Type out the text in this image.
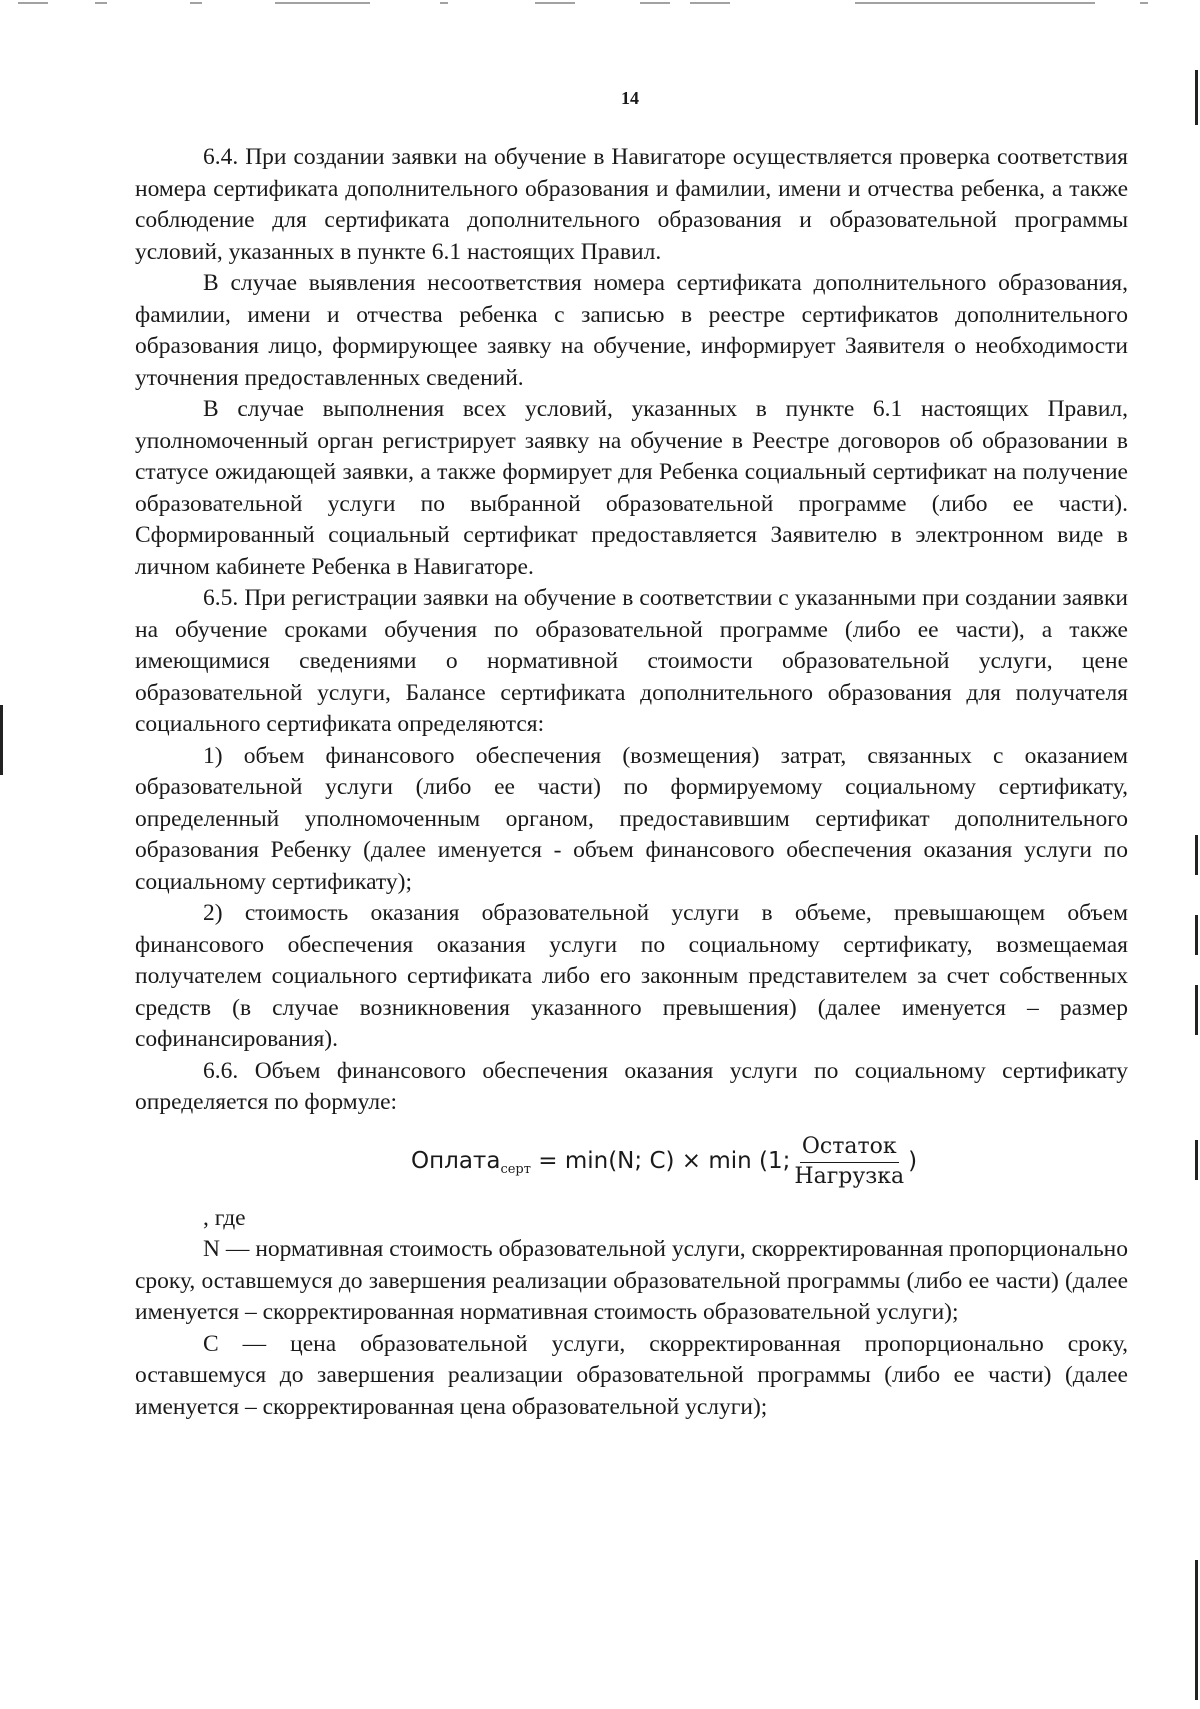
14

6.4. При создании заявки на обучение в Навигаторе осуществляется проверка соответствия номера сертификата дополнительного образования и фамилии, имени и отчества ребенка, а также соблюдение для сертификата дополнительного образования и образовательной программы условий, указанных в пункте 6.1 настоящих Правил.

В случае выявления несоответствия номера сертификата дополнительного образования, фамилии, имени и отчества ребенка с записью в реестре сертификатов дополнительного образования лицо, формирующее заявку на обучение, информирует Заявителя о необходимости уточнения предоставленных сведений.

В случае выполнения всех условий, указанных в пункте 6.1 настоящих Правил, уполномоченный орган регистрирует заявку на обучение в Реестре договоров об образовании в статусе ожидающей заявки, а также формирует для Ребенка социальный сертификат на получение образовательной услуги по выбранной образовательной программе (либо ее части). Сформированный социальный сертификат предоставляется Заявителю в электронном виде в личном кабинете Ребенка в Навигаторе.

6.5. При регистрации заявки на обучение в соответствии с указанными при создании заявки на обучение сроками обучения по образовательной программе (либо ее части), а также имеющимися сведениями о нормативной стоимости образовательной услуги, цене образовательной услуги, Балансе сертификата дополнительного образования для получателя социального сертификата определяются:

1) объем финансового обеспечения (возмещения) затрат, связанных с оказанием образовательной услуги (либо ее части) по формируемому социальному сертификату, определенный уполномоченным органом, предоставившим сертификат дополнительного образования Ребенку (далее именуется - объем финансового обеспечения оказания услуги по социальному сертификату);

2) стоимость оказания образовательной услуги в объеме, превышающем объем финансового обеспечения оказания услуги по социальному сертификату, возмещаемая получателем социального сертификата либо его законным представителем за счет собственных средств (в случае возникновения указанного превышения) (далее именуется – размер софинансирования).

6.6. Объем финансового обеспечения оказания услуги по социальному сертификату определяется по формуле:

Оплата серт = min(N; C) × min (1; $\frac{\text{Остаток}}{\text{Нагрузка}}$ )

, где

N — нормативная стоимость образовательной услуги, скорректированная пропорционально сроку, оставшемуся до завершения реализации образовательной программы (либо ее части) (далее именуется – скорректированная нормативная стоимость образовательной услуги);

C — цена образовательной услуги, скорректированная пропорционально сроку, оставшемуся до завершения реализации образовательной программы (либо ее части) (далее именуется – скорректированная цена образовательной услуги);
